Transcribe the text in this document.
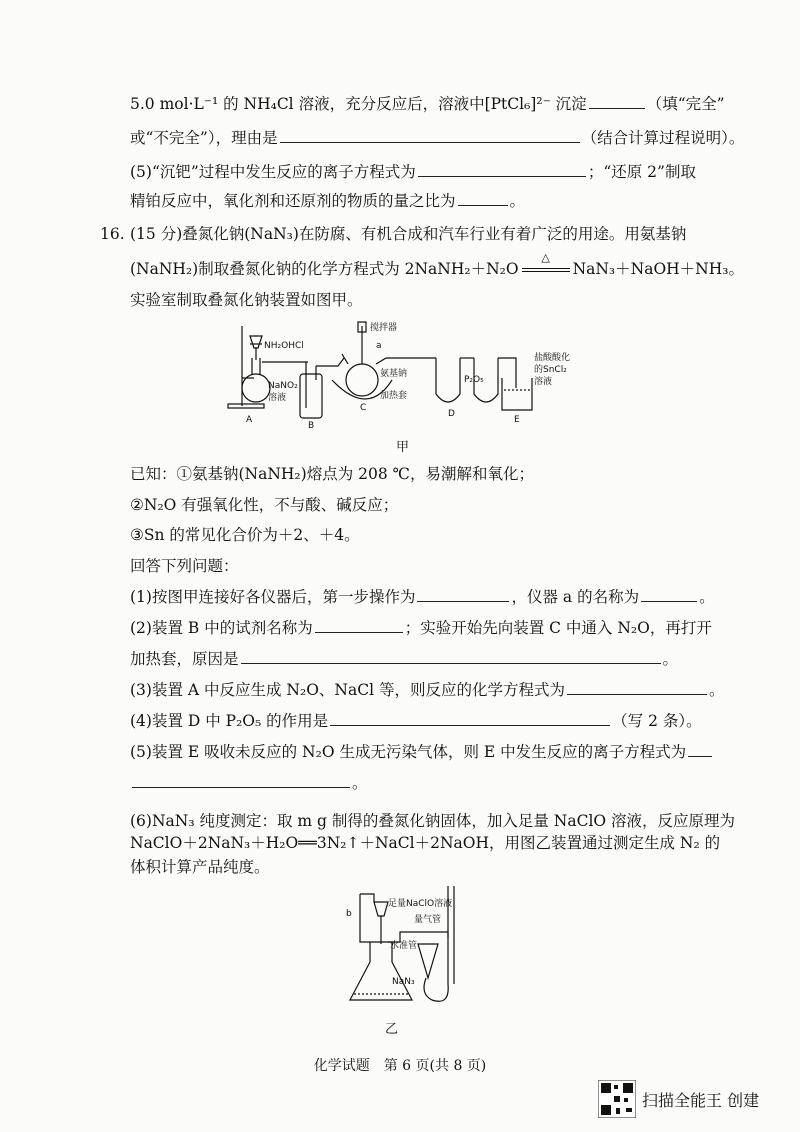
5.0 mol·L⁻¹ 的 NH₄Cl 溶液，充分反应后，溶液中[PtCl₆]²⁻ 沉淀	（填“完全”
或“不完全”），理由是	（结合计算过程说明）。
(5)“沉钯”过程中发生反应的离子方程式为	；“还原 2”制取
精铂反应中，氧化剂和还原剂的物质的量之比为	。
16. (15 分)叠氮化钠(NaN₃)在防腐、有机合成和汽车行业有着广泛的用途。用氨基钠
(NaNH₂)制取叠氮化钠的化学方程式为 2NaNH₂＋N₂O
△
NaN₃＋NaOH＋NH₃。
实验室制取叠氮化钠装置如图甲。
搅拌器
a
NH₂OHCl
NaNO₂
溶液
A
B
C
D
E
氨基钠
加热套
P₂O₅
盐酸酸化
的SnCl₂
溶液
甲
已知：①氨基钠(NaNH₂)熔点为 208 ℃，易潮解和氧化；
②N₂O 有强氧化性，不与酸、碱反应；
③Sn 的常见化合价为＋2、＋4。
回答下列问题：
(1)按图甲连接好各仪器后，第一步操作为	，仪器 a 的名称为	。
(2)装置 B 中的试剂名称为	；实验开始先向装置 C 中通入 N₂O，再打开
加热套，原因是	。
(3)装置 A 中反应生成 N₂O、NaCl 等，则反应的化学方程式为	。
(4)装置 D 中 P₂O₅ 的作用是	（写 2 条）。
(5)装置 E 吸收未反应的 N₂O 生成无污染气体，则 E 中发生反应的离子方程式为
。
(6)NaN₃ 纯度测定：取 m g 制得的叠氮化钠固体，加入足量 NaClO 溶液，反应原理为
NaClO＋2NaN₃＋H₂O══3N₂↑＋NaCl＋2NaOH，用图乙装置通过测定生成 N₂ 的
体积计算产品纯度。
足量NaClO溶液
量气管
b
水准管
NaN₃
乙
化学试题　第 6 页(共 8 页)
扫描全能王 创建
